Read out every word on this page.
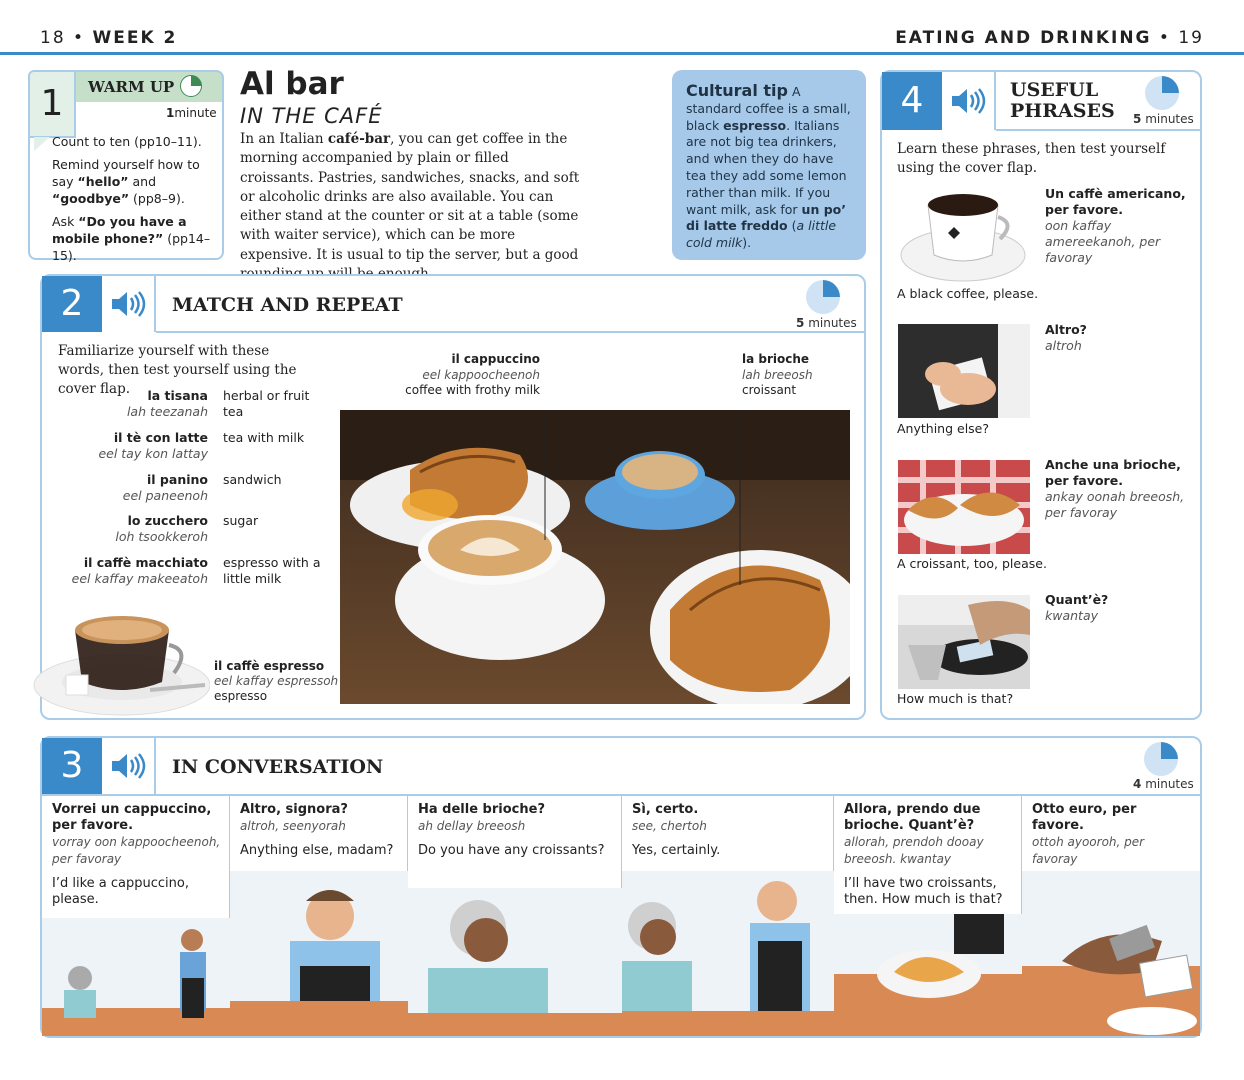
18 • WEEK 2	EATING AND DRINKING • 19
1	WARM UP
1minute
Count to ten (pp10–11).
Remind yourself how to say “hello” and “goodbye” (pp8–9).
Ask “Do you have a mobile phone?” (pp14–15).
Al bar
IN THE CAFÉ
In an Italian café-bar, you can get coffee in the morning accompanied by plain or filled croissants. Pastries, sandwiches, snacks, and soft or alcoholic drinks are also available. You can either stand at the counter or sit at a table (some with waiter service), which can be more expensive. It is usual to tip the server, but a good
Cultural tip A standard coffee is a small, black espresso. Italians are not big tea drinkers, and when they do have tea they add some lemon rather than milk. If you want milk, ask for un po’ di latte freddo (a little cold milk).
2	MATCH AND REPEAT
5 minutes
Familiarize yourself with these words, then test yourself using the cover flap.	la tisana
lah teezanah
herbal or fruit tea
il tè con latte
eel tay kon lattay
tea with milk
il panino
eel paneenoh
sandwich
lo zucchero
loh tsookkeroh
sugar
il caffè macchiato
eel kaffay makeeatoh
espresso with a little milk
il caffè espresso
eel kaffay espressoh
espresso
il cappuccino
eel kappoocheenoh
coffee with frothy milk
la brioche
lah breeosh
croissant
4	USEFUL
PHRASES 5 minutes
Learn these phrases, then test yourself using the cover flap.
Un caffè americano, per favore.
oon kaffay amereekanoh, per favoray
A black coffee, please.
Altro?
altroh
Anything else?
Anche una brioche, per favore.
ankay oonah breeosh, per favoray
A croissant, too, please.
Quant’è?
kwantay
How much is that?
3	IN CONVERSATION
4 minutes
Vorrei un cappuccino, per favore.
vorray oon kappoocheenoh, per favoray

I’d like a cappuccino, please.
Altro, signora?
altroh, seenyorah

Anything else, madam?
Ha delle brioche?
ah dellay breeosh

Do you have any croissants?
Sì, certo.
see, chertoh

Yes, certainly.
Allora, prendo due brioche. Quant’è?
allorah, prendoh dooay breeosh. kwantay

I’ll have two croissants, then. How much is that?
Otto euro, per favore.
ottoh ayooroh, per favoray
